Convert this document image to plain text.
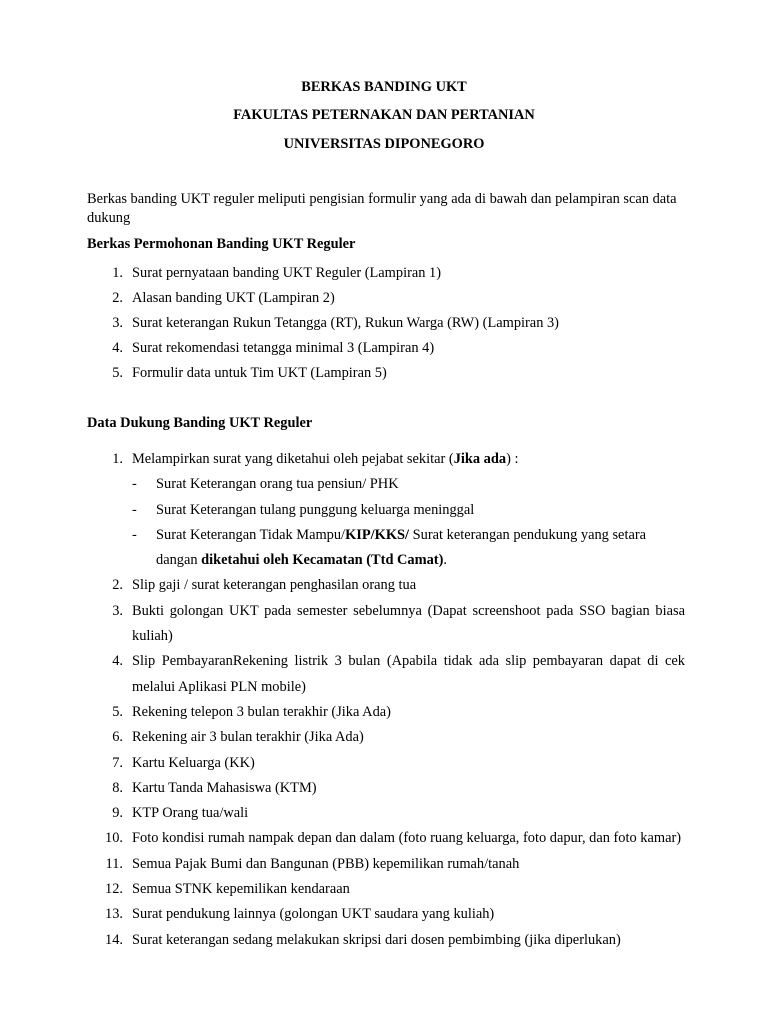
BERKAS BANDING UKT
FAKULTAS PETERNAKAN DAN PERTANIAN
UNIVERSITAS DIPONEGORO
Berkas banding UKT reguler meliputi pengisian formulir yang ada di bawah dan pelampiran scan data dukung
Berkas Permohonan Banding UKT Reguler
1. Surat pernyataan banding UKT Reguler (Lampiran 1)
2. Alasan banding UKT (Lampiran 2)
3. Surat keterangan Rukun Tetangga (RT), Rukun Warga (RW) (Lampiran 3)
4. Surat rekomendasi tetangga minimal 3 (Lampiran 4)
5. Formulir data untuk Tim UKT (Lampiran 5)
Data Dukung Banding UKT Reguler
1. Melampirkan surat yang diketahui oleh pejabat sekitar (Jika ada) :
- Surat Keterangan orang tua pensiun/ PHK
- Surat Keterangan tulang punggung keluarga meninggal
- Surat Keterangan Tidak Mampu/KIP/KKS/ Surat keterangan pendukung yang setara dangan diketahui oleh Kecamatan (Ttd Camat).
2. Slip gaji / surat keterangan penghasilan orang tua
3. Bukti golongan UKT pada semester sebelumnya (Dapat screenshoot pada SSO bagian biasa kuliah)
4. Slip PembayaranRekening listrik 3 bulan (Apabila tidak ada slip pembayaran dapat di cek melalui Aplikasi PLN mobile)
5. Rekening telepon 3 bulan terakhir (Jika Ada)
6. Rekening air 3 bulan terakhir (Jika Ada)
7. Kartu Keluarga (KK)
8. Kartu Tanda Mahasiswa (KTM)
9. KTP Orang tua/wali
10. Foto kondisi rumah nampak depan dan dalam (foto ruang keluarga, foto dapur, dan foto kamar)
11. Semua Pajak Bumi dan Bangunan (PBB) kepemilikan rumah/tanah
12. Semua STNK kepemilikan kendaraan
13. Surat pendukung lainnya (golongan UKT saudara yang kuliah)
14. Surat keterangan sedang melakukan skripsi dari dosen pembimbing (jika diperlukan)
